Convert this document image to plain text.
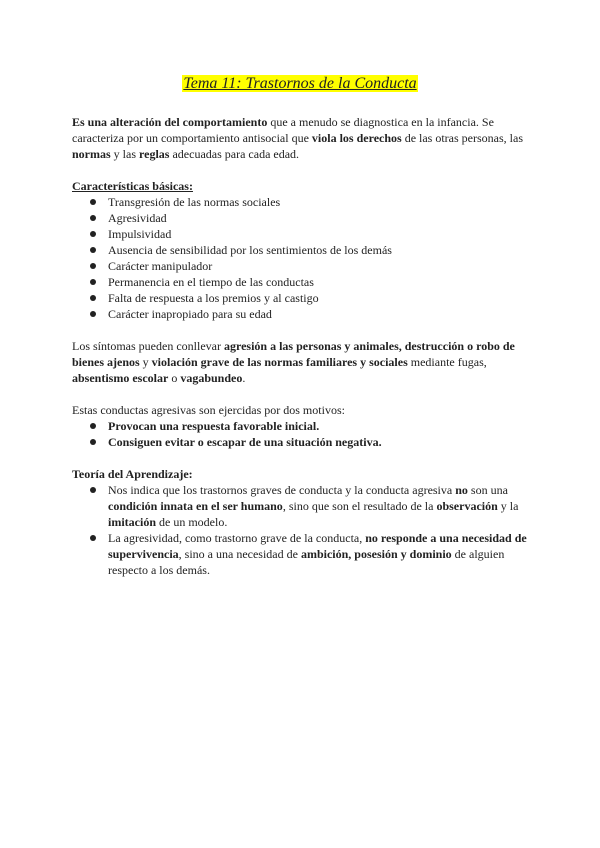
Tema 11: Trastornos de la Conducta

Es una alteración del comportamiento que a menudo se diagnostica en la infancia. Se caracteriza por un comportamiento antisocial que viola los derechos de las otras personas, las normas y las reglas adecuadas para cada edad.

Características básicas:

Transgresión de las normas sociales
Agresividad
Impulsividad
Ausencia de sensibilidad por los sentimientos de los demás
Carácter manipulador
Permanencia en el tiempo de las conductas
Falta de respuesta a los premios y al castigo
Carácter inapropiado para su edad

Los síntomas pueden conllevar agresión a las personas y animales, destrucción o robo de bienes ajenos y violación grave de las normas familiares y sociales mediante fugas, absentismo escolar o vagabundeo.

Estas conductas agresivas son ejercidas por dos motivos:

Provocan una respuesta favorable inicial.
Consiguen evitar o escapar de una situación negativa.

Teoría del Aprendizaje:

Nos indica que los trastornos graves de conducta y la conducta agresiva no son una condición innata en el ser humano, sino que son el resultado de la observación y la imitación de un modelo.
La agresividad, como trastorno grave de la conducta, no responde a una necesidad de supervivencia, sino a una necesidad de ambición, posesión y dominio de alguien respecto a los demás.
